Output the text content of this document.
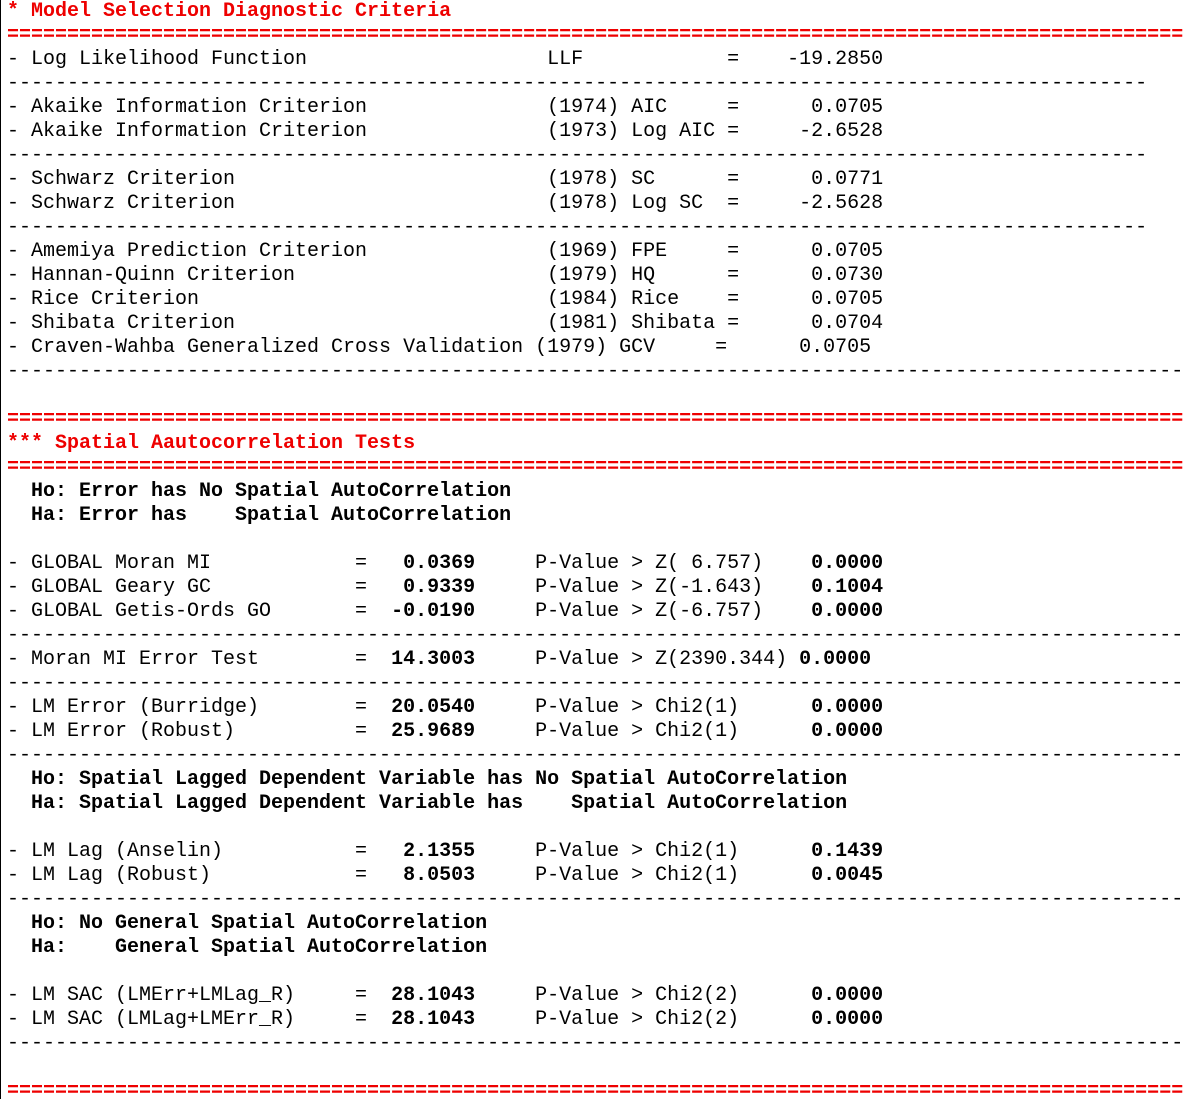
* Model Selection Diagnostic Criteria
==================================================================================================
- Log Likelihood Function                    LLF            =    -19.2850
-----------------------------------------------------------------------------------------------
- Akaike Information Criterion               (1974) AIC     =      0.0705
- Akaike Information Criterion               (1973) Log AIC =     -2.6528
-----------------------------------------------------------------------------------------------
- Schwarz Criterion                          (1978) SC      =      0.0771
- Schwarz Criterion                          (1978) Log SC  =     -2.5628
-----------------------------------------------------------------------------------------------
- Amemiya Prediction Criterion               (1969) FPE     =      0.0705
- Hannan-Quinn Criterion                     (1979) HQ      =      0.0730
- Rice Criterion                             (1984) Rice    =      0.0705
- Shibata Criterion                          (1981) Shibata =      0.0704
- Craven-Wahba Generalized Cross Validation (1979) GCV     =      0.0705
--------------------------------------------------------------------------------------------------
==================================================================================================
*** Spatial Aautocorrelation Tests
==================================================================================================
Ho: Error has No Spatial AutoCorrelation
Ha: Error has    Spatial AutoCorrelation
- GLOBAL Moran MI            =   0.0369     P-Value > Z( 6.757)    0.0000
- GLOBAL Geary GC            =   0.9339     P-Value > Z(-1.643)    0.1004
- GLOBAL Getis-Ords GO       =  -0.0190     P-Value > Z(-6.757)    0.0000
--------------------------------------------------------------------------------------------------
- Moran MI Error Test        =  14.3003     P-Value > Z(2390.344) 0.0000
--------------------------------------------------------------------------------------------------
- LM Error (Burridge)        =  20.0540     P-Value > Chi2(1)      0.0000
- LM Error (Robust)          =  25.9689     P-Value > Chi2(1)      0.0000
--------------------------------------------------------------------------------------------------
Ho: Spatial Lagged Dependent Variable has No Spatial AutoCorrelation
Ha: Spatial Lagged Dependent Variable has    Spatial AutoCorrelation
- LM Lag (Anselin)           =   2.1355     P-Value > Chi2(1)      0.1439
- LM Lag (Robust)            =   8.0503     P-Value > Chi2(1)      0.0045
--------------------------------------------------------------------------------------------------
Ho: No General Spatial AutoCorrelation
Ha:    General Spatial AutoCorrelation
- LM SAC (LMErr+LMLag_R)     =  28.1043     P-Value > Chi2(2)      0.0000
- LM SAC (LMLag+LMErr_R)     =  28.1043     P-Value > Chi2(2)      0.0000
--------------------------------------------------------------------------------------------------
==================================================================================================
